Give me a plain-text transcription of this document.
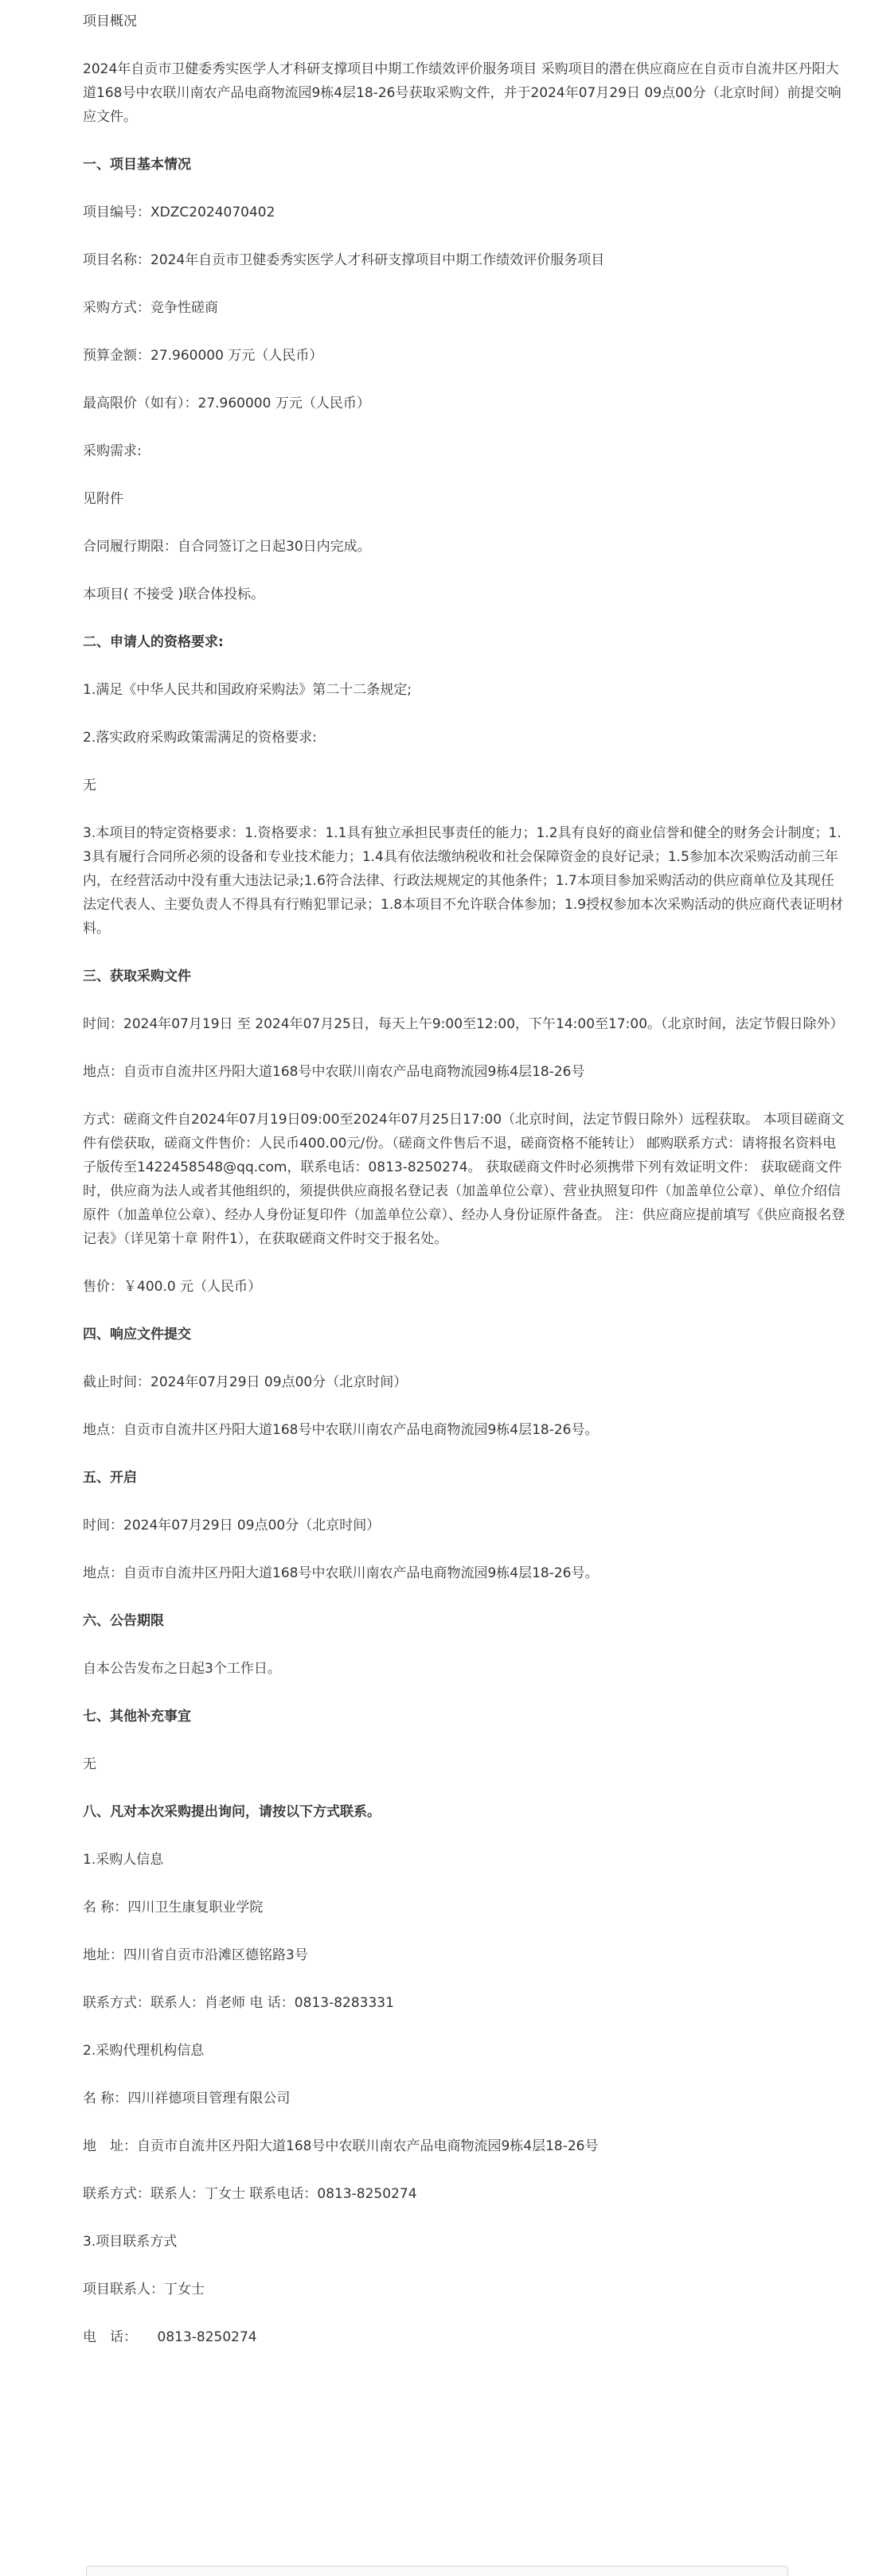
项目概况
2024年自贡市卫健委秀实医学人才科研支撑项目中期工作绩效评价服务项目 采购项目的潜在供应商应在自贡市自流井区丹阳大道168号中农联川南农产品电商物流园9栋4层18-26号获取采购文件，并于2024年07月29日 09点00分（北京时间）前提交响应文件。
一、项目基本情况
项目编号：XDZC2024070402
项目名称：2024年自贡市卫健委秀实医学人才科研支撑项目中期工作绩效评价服务项目
采购方式：竞争性磋商
预算金额：27.960000 万元（人民币）
最高限价（如有）：27.960000 万元（人民币）
采购需求:
见附件
合同履行期限：自合同签订之日起30日内完成。
本项目( 不接受 )联合体投标。
二、申请人的资格要求:
1.满足《中华人民共和国政府采购法》第二十二条规定;
2.落实政府采购政策需满足的资格要求:
无
3.本项目的特定资格要求：1.资格要求：1.1具有独立承担民事责任的能力；1.2具有良好的商业信誉和健全的财务会计制度；1.3具有履行合同所必须的设备和专业技术能力；1.4具有依法缴纳税收和社会保障资金的良好记录；1.5参加本次采购活动前三年内，在经营活动中没有重大违法记录;1.6符合法律、行政法规规定的其他条件；1.7本项目参加采购活动的供应商单位及其现任法定代表人、主要负责人不得具有行贿犯罪记录；1.8本项目不允许联合体参加；1.9授权参加本次采购活动的供应商代表证明材料。
三、获取采购文件
时间：2024年07月19日 至 2024年07月25日，每天上午9:00至12:00，下午14:00至17:00。（北京时间，法定节假日除外）
地点：自贡市自流井区丹阳大道168号中农联川南农产品电商物流园9栋4层18-26号
方式：磋商文件自2024年07月19日09:00至2024年07月25日17:00（北京时间，法定节假日除外）远程获取。 本项目磋商文件有偿获取，磋商文件售价：人民币400.00元/份。（磋商文件售后不退，磋商资格不能转让） 邮购联系方式：请将报名资料电子版传至1422458548@qq.com，联系电话：0813-8250274。 获取磋商文件时必须携带下列有效证明文件： 获取磋商文件时，供应商为法人或者其他组织的，须提供供应商报名登记表（加盖单位公章）、营业执照复印件（加盖单位公章）、单位介绍信原件（加盖单位公章）、经办人身份证复印件（加盖单位公章）、经办人身份证原件备查。 注：供应商应提前填写《供应商报名登记表》（详见第十章 附件1），在获取磋商文件时交于报名处。
售价：￥400.0 元（人民币）
四、响应文件提交
截止时间：2024年07月29日 09点00分（北京时间）
地点：自贡市自流井区丹阳大道168号中农联川南农产品电商物流园9栋4层18-26号。
五、开启
时间：2024年07月29日 09点00分（北京时间）
地点：自贡市自流井区丹阳大道168号中农联川南农产品电商物流园9栋4层18-26号。
六、公告期限
自本公告发布之日起3个工作日。
七、其他补充事宜
无
八、凡对本次采购提出询问，请按以下方式联系。
1.采购人信息
名 称：四川卫生康复职业学院
地址：四川省自贡市沿滩区德铭路3号
联系方式：联系人：肖老师 电 话：0813-8283331
2.采购代理机构信息
名 称：四川祥德项目管理有限公司
地　址：自贡市自流井区丹阳大道168号中农联川南农产品电商物流园9栋4层18-26号
联系方式：联系人：丁女士 联系电话：0813-8250274
3.项目联系方式
项目联系人：丁女士
电　话：　　0813-8250274
